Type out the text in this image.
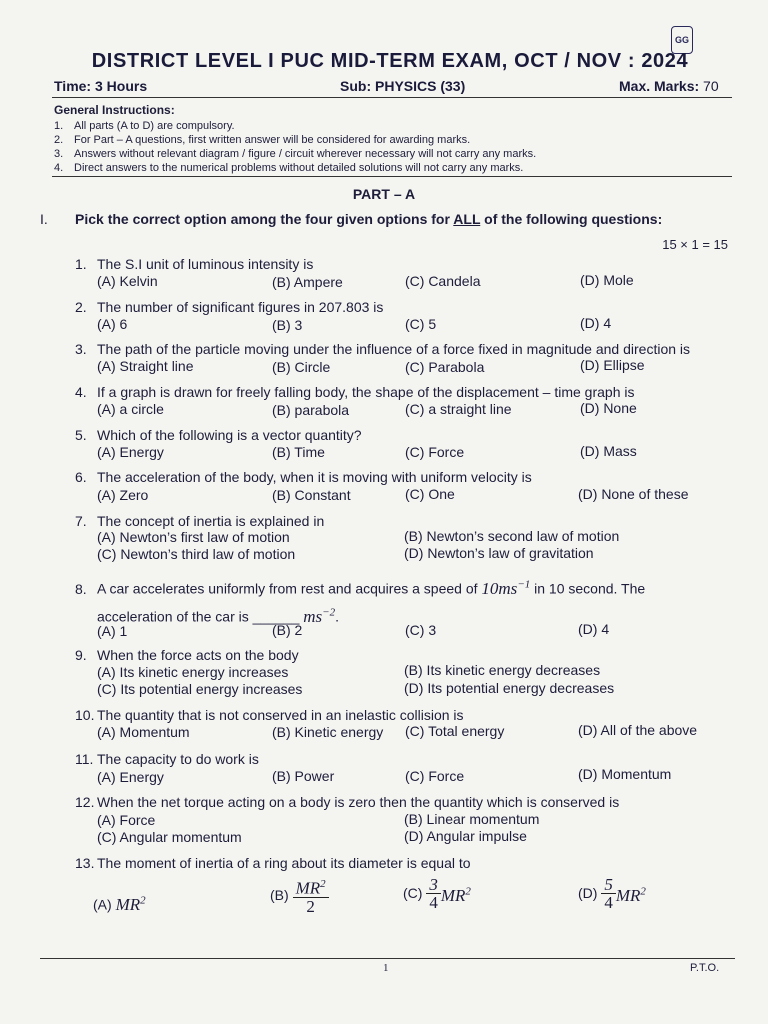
GG
DISTRICT LEVEL I PUC MID-TERM EXAM, OCT / NOV : 2024
Time: 3 Hours	Sub: PHYSICS (33)	Max. Marks: 70
General Instructions:
1. All parts (A to D) are compulsory.
2. For Part – A questions, first written answer will be considered for awarding marks.
3. Answers without relevant diagram / figure / circuit wherever necessary will not carry any marks.
4. Direct answers to the numerical problems without detailed solutions will not carry any marks.
PART – A
I. Pick the correct option among the four given options for ALL of the following questions:
15 × 1 = 15
1. The S.I unit of luminous intensity is
(A) Kelvin	(B) Ampere	(C) Candela	(D) Mole
2. The number of significant figures in 207.803 is
(A) 6	(B) 3	(C) 5	(D) 4
3. The path of the particle moving under the influence of a force fixed in magnitude and direction is
(A) Straight line	(B) Circle	(C) Parabola	(D) Ellipse
4. If a graph is drawn for freely falling body, the shape of the displacement – time graph is
(A) a circle	(B) parabola	(C) a straight line	(D) None
5. Which of the following is a vector quantity?
(A) Energy	(B) Time	(C) Force	(D) Mass
6. The acceleration of the body, when it is moving with uniform velocity is
(A) Zero	(B) Constant	(C) One	(D) None of these
7. The concept of inertia is explained in
(A) Newton’s first law of motion	(B) Newton’s second law of motion
(C) Newton’s third law of motion	(D) Newton’s law of gravitation
8. A car accelerates uniformly from rest and acquires a speed of $10ms^{-1}$ in 10 second. The
acceleration of the car is ______ $ms^{-2}$.
(A) 1	(B) 2	(C) 3	(D) 4
9. When the force acts on the body
(A) Its kinetic energy increases	(B) Its kinetic energy decreases
(C) Its potential energy increases	(D) Its potential energy decreases
10. The quantity that is not conserved in an inelastic collision is
(A) Momentum	(B) Kinetic energy (C) Total energy	(D) All of the above
11. The capacity to do work is
(A) Energy	(B) Power	(C) Force	(D) Momentum
12. When the net torque acting on a body is zero then the quantity which is conserved is
(A) Force	(B) Linear momentum
(C) Angular momentum	(D) Angular impulse
13. The moment of inertia of a ring about its diameter is equal to
(A) $MR^2$	$(B) \frac{MR^2}{2}$	$(C) \frac{3}{4} MR^2$	$(D) \frac{5}{4} MR^2$
1	P.T.O.
